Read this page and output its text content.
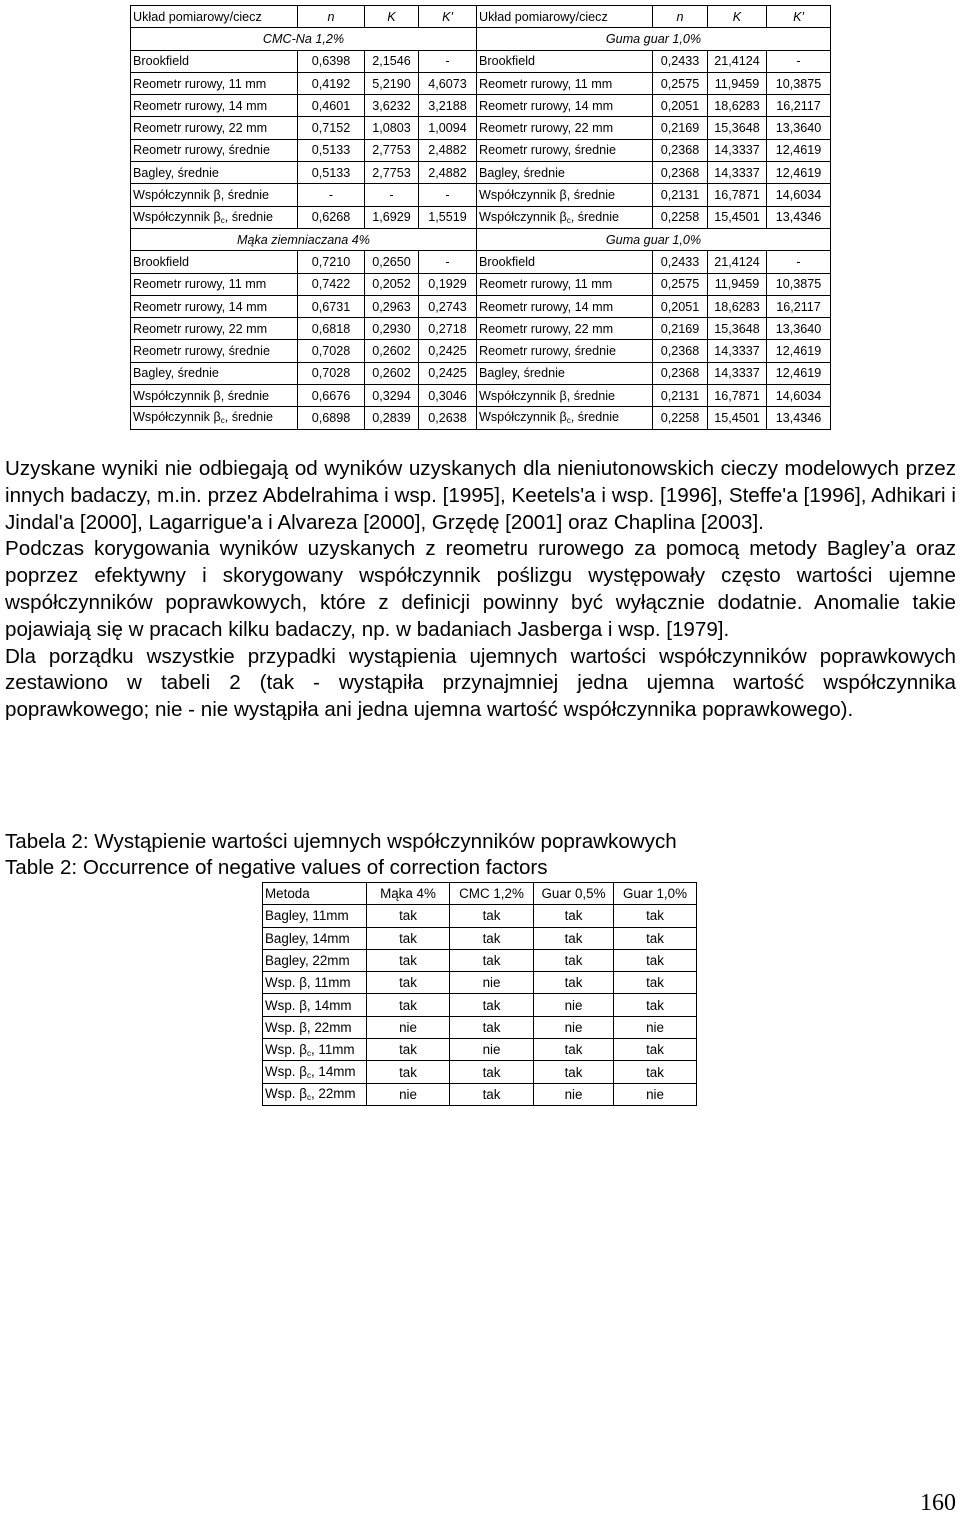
Układ pomiarowy/ciecz	n	K	K'	Układ pomiarowy/ciecz	n	K	K'
CMC-Na 1,2%				Guma guar 1,0%			
Brookfield	0,6398	2,1546	-	Brookfield	0,2433	21,4124	-
Reometr rurowy, 11 mm	0,4192	5,2190	4,6073	Reometr rurowy, 11 mm	0,2575	11,9459	10,3875
Reometr rurowy, 14 mm	0,4601	3,6232	3,2188	Reometr rurowy, 14 mm	0,2051	18,6283	16,2117
Reometr rurowy, 22 mm	0,7152	1,0803	1,0094	Reometr rurowy, 22 mm	0,2169	15,3648	13,3640
Reometr rurowy, średnie	0,5133	2,7753	2,4882	Reometr rurowy, średnie	0,2368	14,3337	12,4619
Bagley, średnie	0,5133	2,7753	2,4882	Bagley, średnie	0,2368	14,3337	12,4619
Współczynnik β, średnie	-	-	-	Współczynnik β, średnie	0,2131	16,7871	14,6034
Współczynnik $\beta_c$, średnie	0,6268	1,6929	1,5519	Współczynnik $\beta_c$, średnie	0,2258	15,4501	13,4346
Mąka ziemniaczana 4%				Guma guar 1,0%			
Brookfield	0,7210	0,2650	-	Brookfield	0,2433	21,4124	-
Reometr rurowy, 11 mm	0,7422	0,2052	0,1929	Reometr rurowy, 11 mm	0,2575	11,9459	10,3875
Reometr rurowy, 14 mm	0,6731	0,2963	0,2743	Reometr rurowy, 14 mm	0,2051	18,6283	16,2117
Reometr rurowy, 22 mm	0,6818	0,2930	0,2718	Reometr rurowy, 22 mm	0,2169	15,3648	13,3640
Reometr rurowy, średnie	0,7028	0,2602	0,2425	Reometr rurowy, średnie	0,2368	14,3337	12,4619
Bagley, średnie	0,7028	0,2602	0,2425	Bagley, średnie	0,2368	14,3337	12,4619
Współczynnik β, średnie	0,6676	0,3294	0,3046	Współczynnik β, średnie	0,2131	16,7871	14,6034
Współczynnik $\beta_c$, średnie	0,6898	0,2839	0,2638	Współczynnik $\beta_c$, średnie	0,2258	15,4501	13,4346

Uzyskane wyniki nie odbiegają od wyników uzyskanych dla nieniutonowskich cieczy modelowych przez innych badaczy, m.in. przez Abdelrahima i wsp. [1995], Keetels'a i wsp. [1996], Steffe'a [1996], Adhikari i Jindal'a [2000], Lagarrigue'a i Alvareza [2000], Grzędę [2001] oraz Chaplina [2003].

Podczas korygowania wyników uzyskanych z reometru rurowego za pomocą metody Bagley’a oraz poprzez efektywny i skorygowany współczynnik poślizgu występowały często wartości ujemne współczynników poprawkowych, które z definicji powinny być wyłącznie dodatnie. Anomalie takie pojawiają się w pracach kilku badaczy, np. w badaniach Jasberga i wsp. [1979].

Dla porządku wszystkie przypadki wystąpienia ujemnych wartości współczynników poprawkowych zestawiono w tabeli 2 (tak - wystąpiła przynajmniej jedna ujemna wartość współczynnika poprawkowego; nie - nie wystąpiła ani jedna ujemna wartość współczynnika poprawkowego).

Tabela 2: Wystąpienie wartości ujemnych współczynników poprawkowych
Table 2: Occurrence of negative values of correction factors
Metoda	Mąka 4%	CMC 1,2%	Guar 0,5%	Guar 1,0%
Bagley, 11mm	tak	tak	tak	tak
Bagley, 14mm	tak	tak	tak	tak
Bagley, 22mm	tak	tak	tak	tak
Wsp. β, 11mm	tak	nie	tak	tak
Wsp. β, 14mm	tak	tak	nie	tak
Wsp. β, 22mm	nie	tak	nie	nie
Wsp. $\beta_c$, 11mm	tak	nie	tak	tak
Wsp. $\beta_c$, 14mm	tak	tak	tak	tak
Wsp. $\beta_c$, 22mm	nie	tak	nie	nie
160
